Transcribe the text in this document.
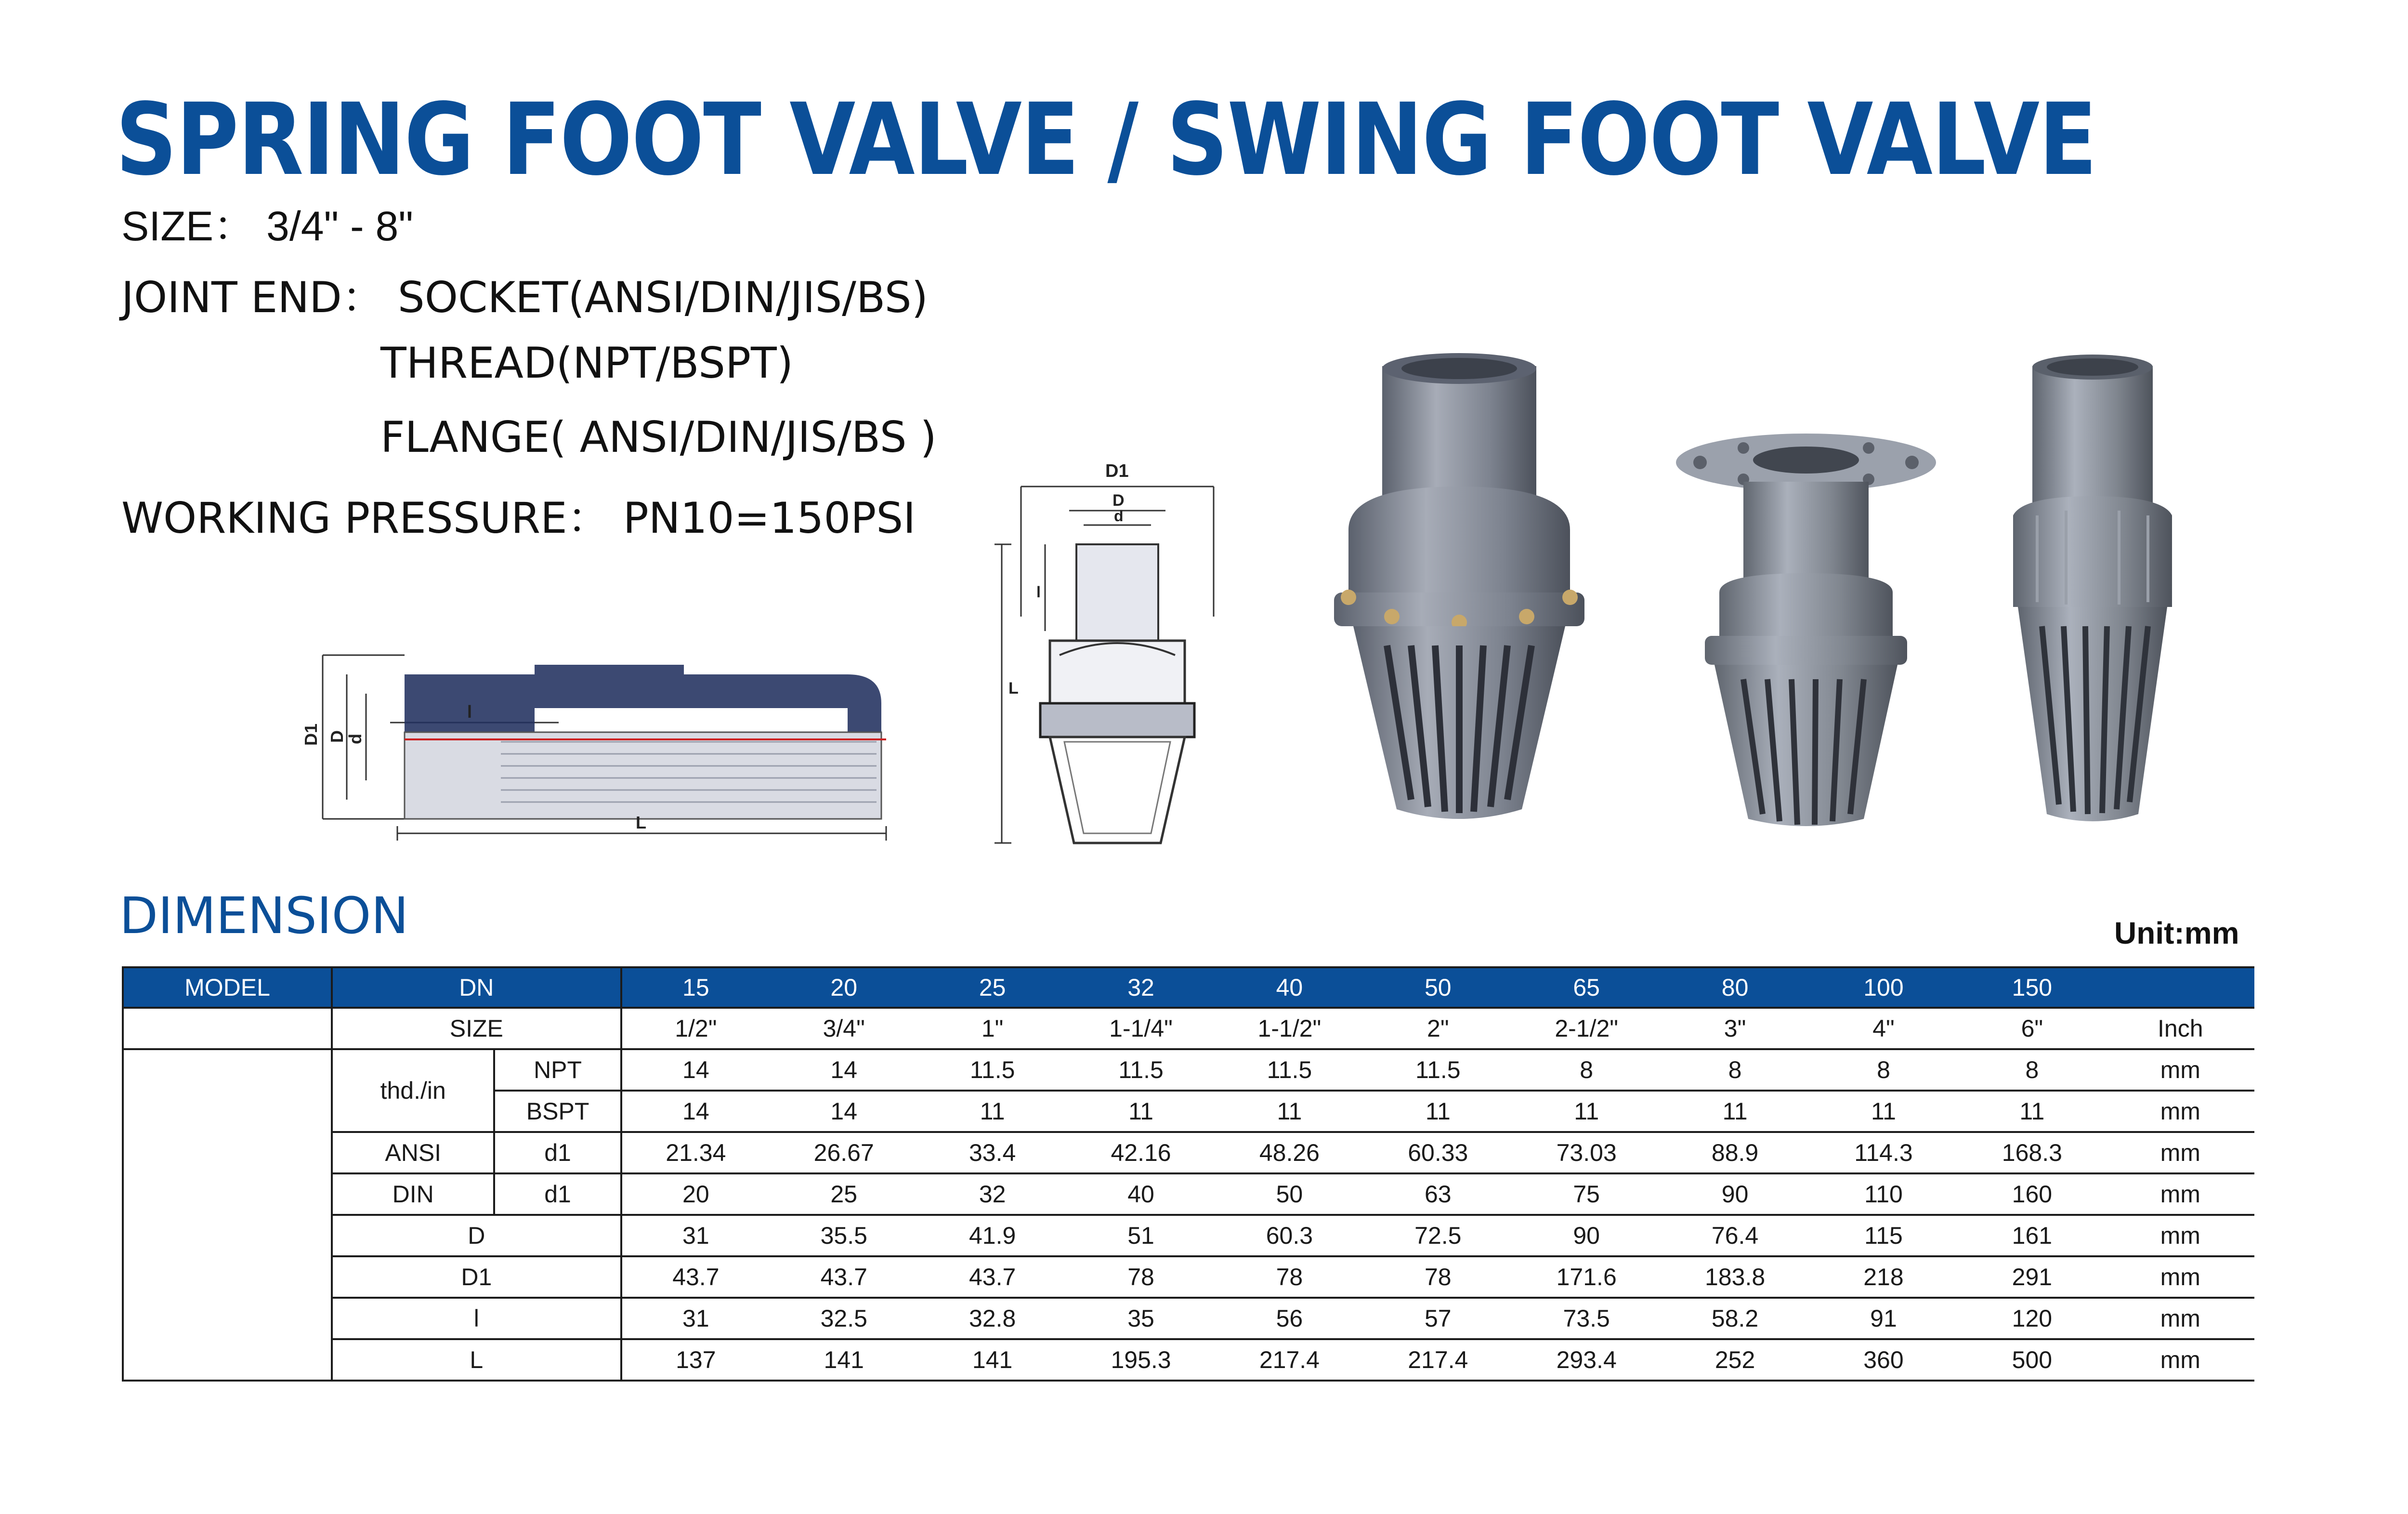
SPRING FOOT VALVE / SWING FOOT VALVE
SIZE： 3/4" - 8"
JOINT END： SOCKET(ANSI/DIN/JIS/BS)
THREAD(NPT/BSPT)
FLANGE( ANSI/DIN/JIS/BS )
WORKING PRESSURE： PN10=150PSI
D1 D
d
l
L
D1
D
d
l
L
DIMENSION	Unit:mm
MODEL	DN		15	20	25	32	40	50	65	80	100	150	
	SIZE		1/2"	3/4"	1"	1-1/4"	1-1/2"	2"	2-1/2"	3"	4"	6"	Inch
	thd./in	NPT	14	14	11.5	11.5	11.5	11.5	8	8	8	8	mm
		BSPT	14	14	11	11	11	11	11	11	11	11	mm
	ANSI	d1	21.34	26.67	33.4	42.16	48.26	60.33	73.03	88.9	114.3	168.3	mm
	DIN	d1	20	25	32	40	50	63	75	90	110	160	mm
	D		31	35.5	41.9	51	60.3	72.5	90	76.4	115	161	mm
	D1		43.7	43.7	43.7	78	78	78	171.6	183.8	218	291	mm
	l		31	32.5	32.8	35	56	57	73.5	58.2	91	120	mm
	L		137	141	141	195.3	217.4	217.4	293.4	252	360	500	mm
